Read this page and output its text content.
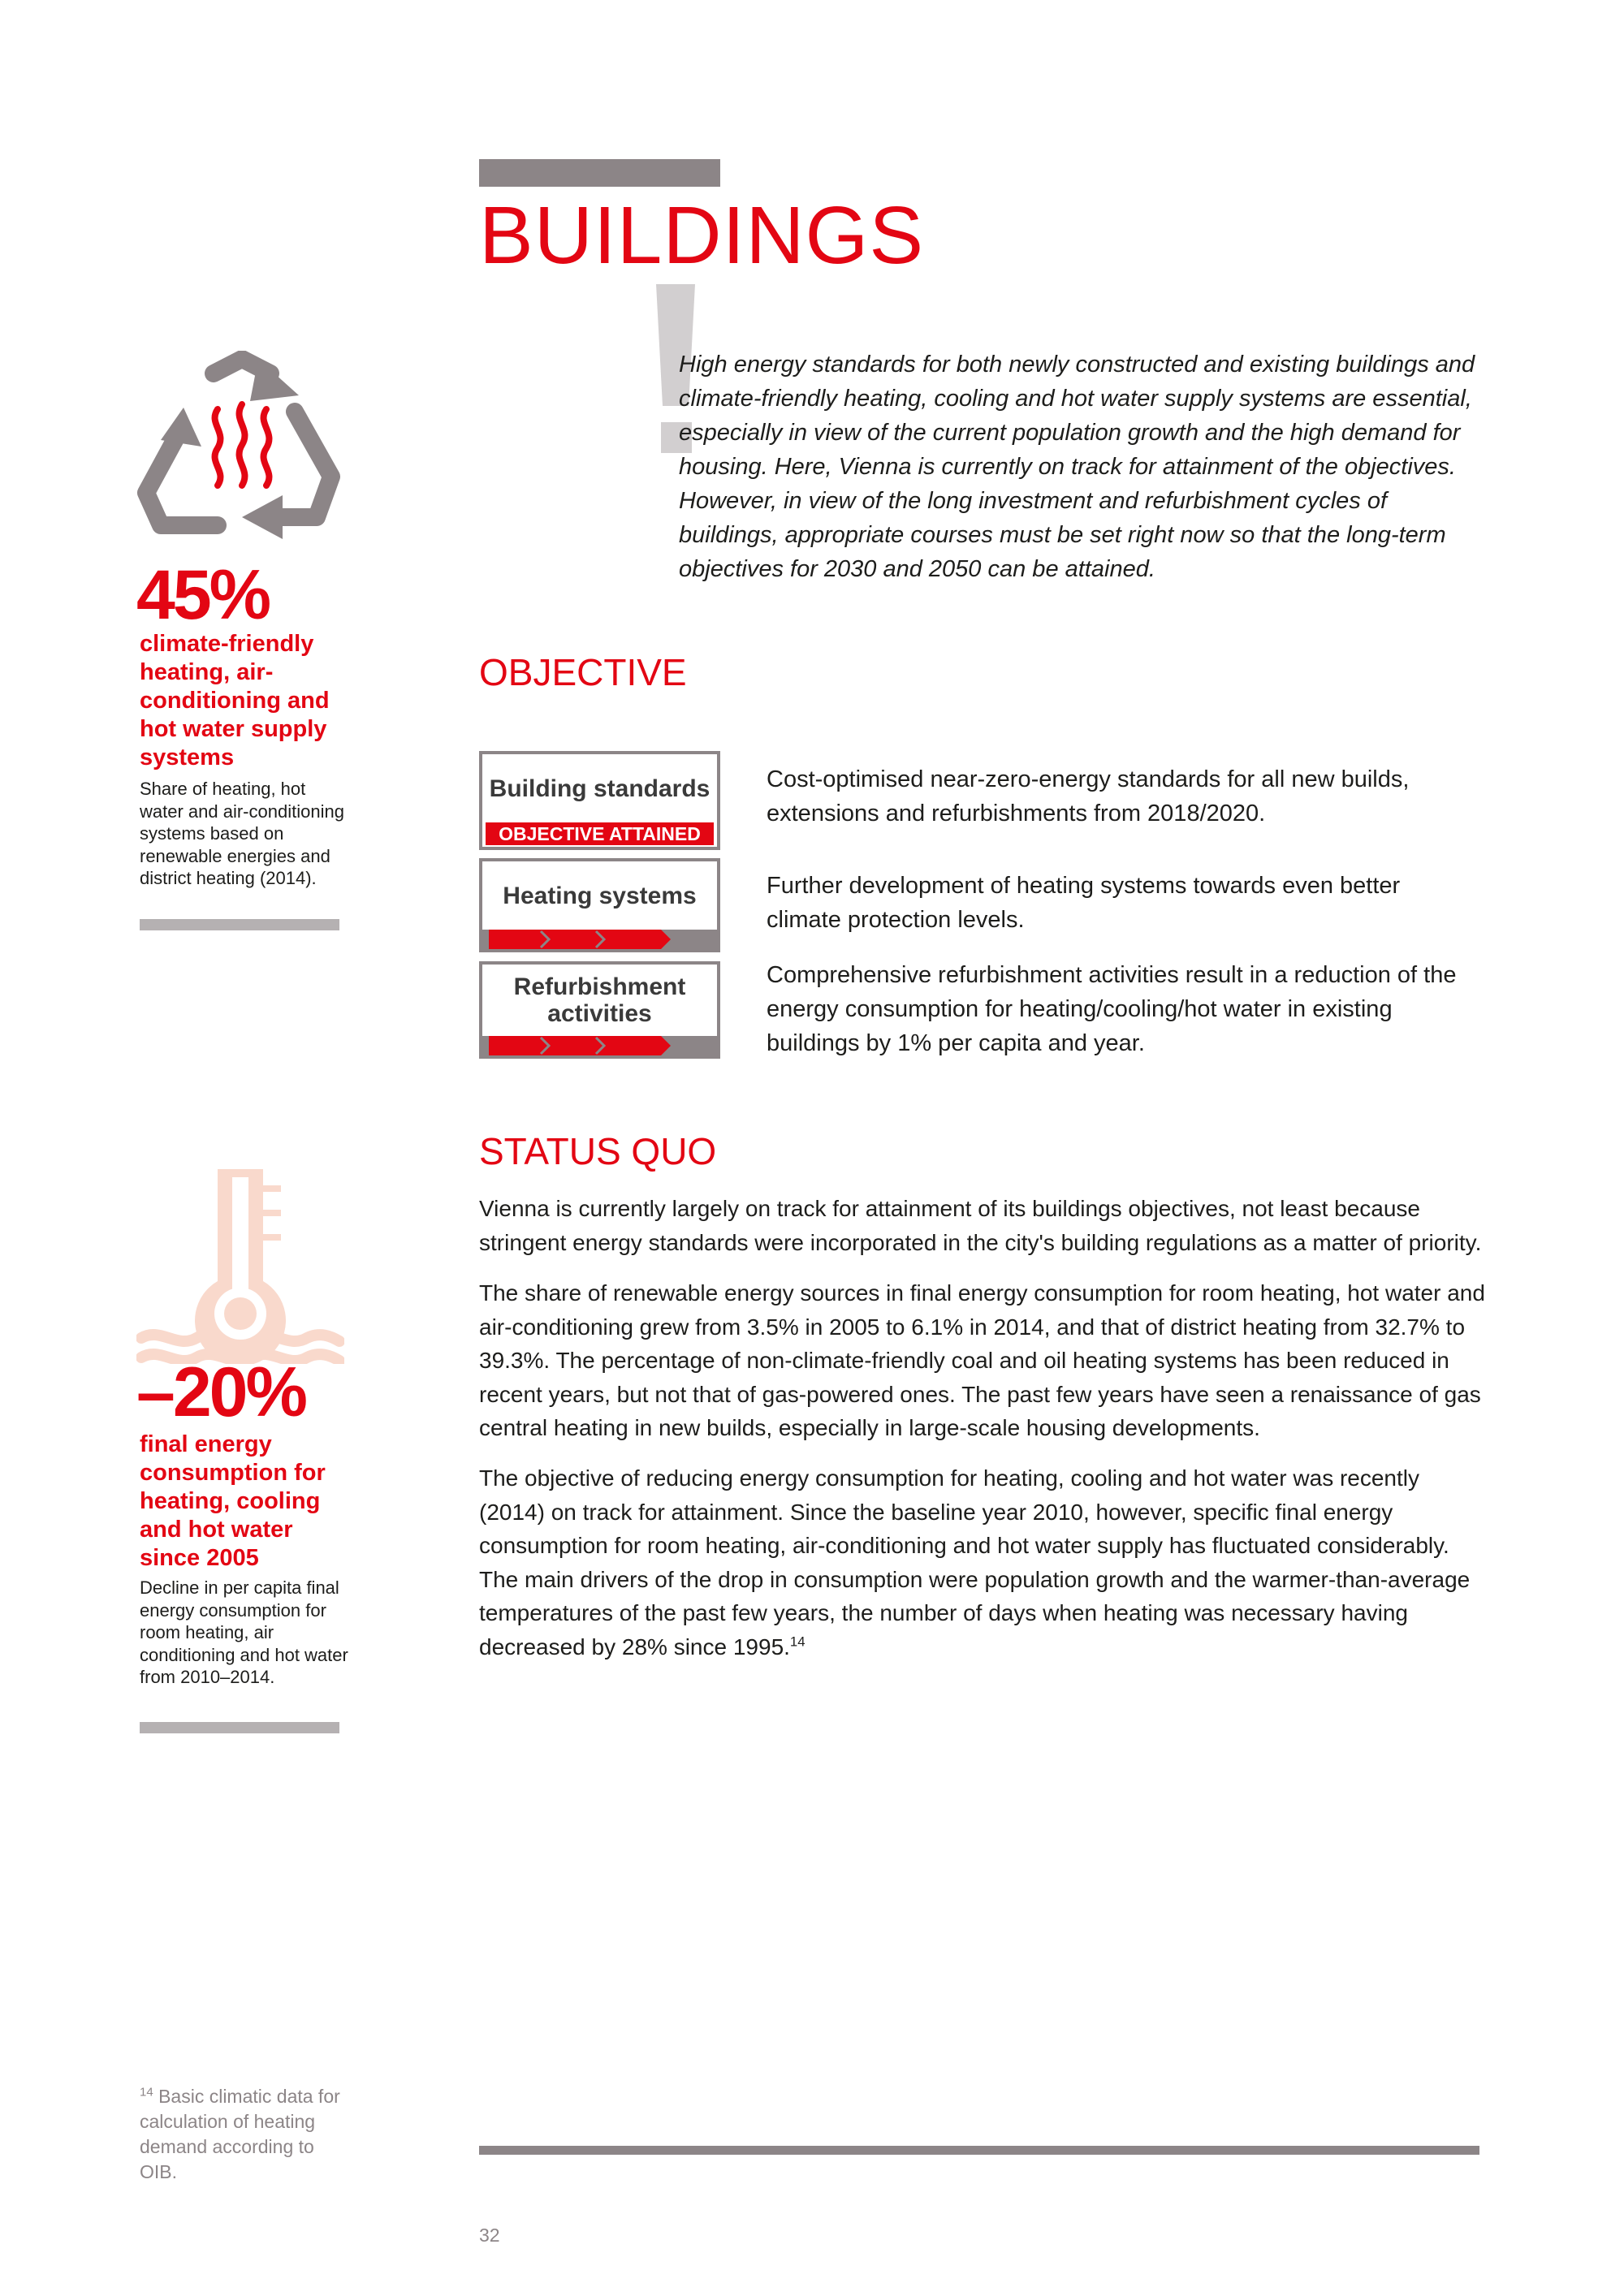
BUILDINGS
High energy standards for both newly constructed and existing buildings and climate-friendly heating, cooling and hot water supply systems are essential, especially in view of the current population growth and the high demand for housing. Here, Vienna is currently on track for attainment of the objectives. However, in view of the long investment and refurbishment cycles of buildings, appropriate courses must be set right now so that the long-term objectives for 2030 and 2050 can be attained.
OBJECTIVE
Building standards
OBJECTIVE ATTAINED
Cost-optimised near-zero-energy standards for all new builds, extensions and refurbishments from 2018/2020.
Heating systems	Further development of heating systems towards even better climate protection levels.
Refurbishment activities
Comprehensive refurbishment activities result in a reduction of the energy consumption for heating/cooling/hot water in existing buildings by 1% per capita and year.
STATUS QUO
Vienna is currently largely on track for attainment of its buildings objectives, not least because stringent energy standards were incorporated in the city's building regulations as a matter of priority.
The share of renewable energy sources in final energy consumption for room heating, hot water and air-conditioning grew from 3.5% in 2005 to 6.1% in 2014, and that of district heating from 32.7% to 39.3%. The percentage of non-climate-friendly coal and oil heating systems has been reduced in recent years, but not that of gas-powered ones. The past few years have seen a renaissance of gas central heating in new builds, especially in large-scale housing developments.
The objective of reducing energy consumption for heating, cooling and hot water was recently (2014) on track for attainment. Since the baseline year 2010, however, specific final energy consumption for room heating, air-conditioning and hot water supply has fluctuated considerably. The main drivers of the drop in consumption were population growth and the warmer-than-average temperatures of the past few years, the number of days when heating was necessary having decreased by 28% since 1995.14
45%
climate-friendly heating, air-conditioning and hot water supply systems
Share of heating, hot water and air-conditioning systems based on renewable energies and district heating (2014).
–20%
final energy consumption for heating, cooling and hot water since 2005
Decline in per capita final energy consumption for room heating, air conditioning and hot water from 2010–2014.
$^{14}$ Basic climatic data for calculation of heating demand according to OIB.
32
